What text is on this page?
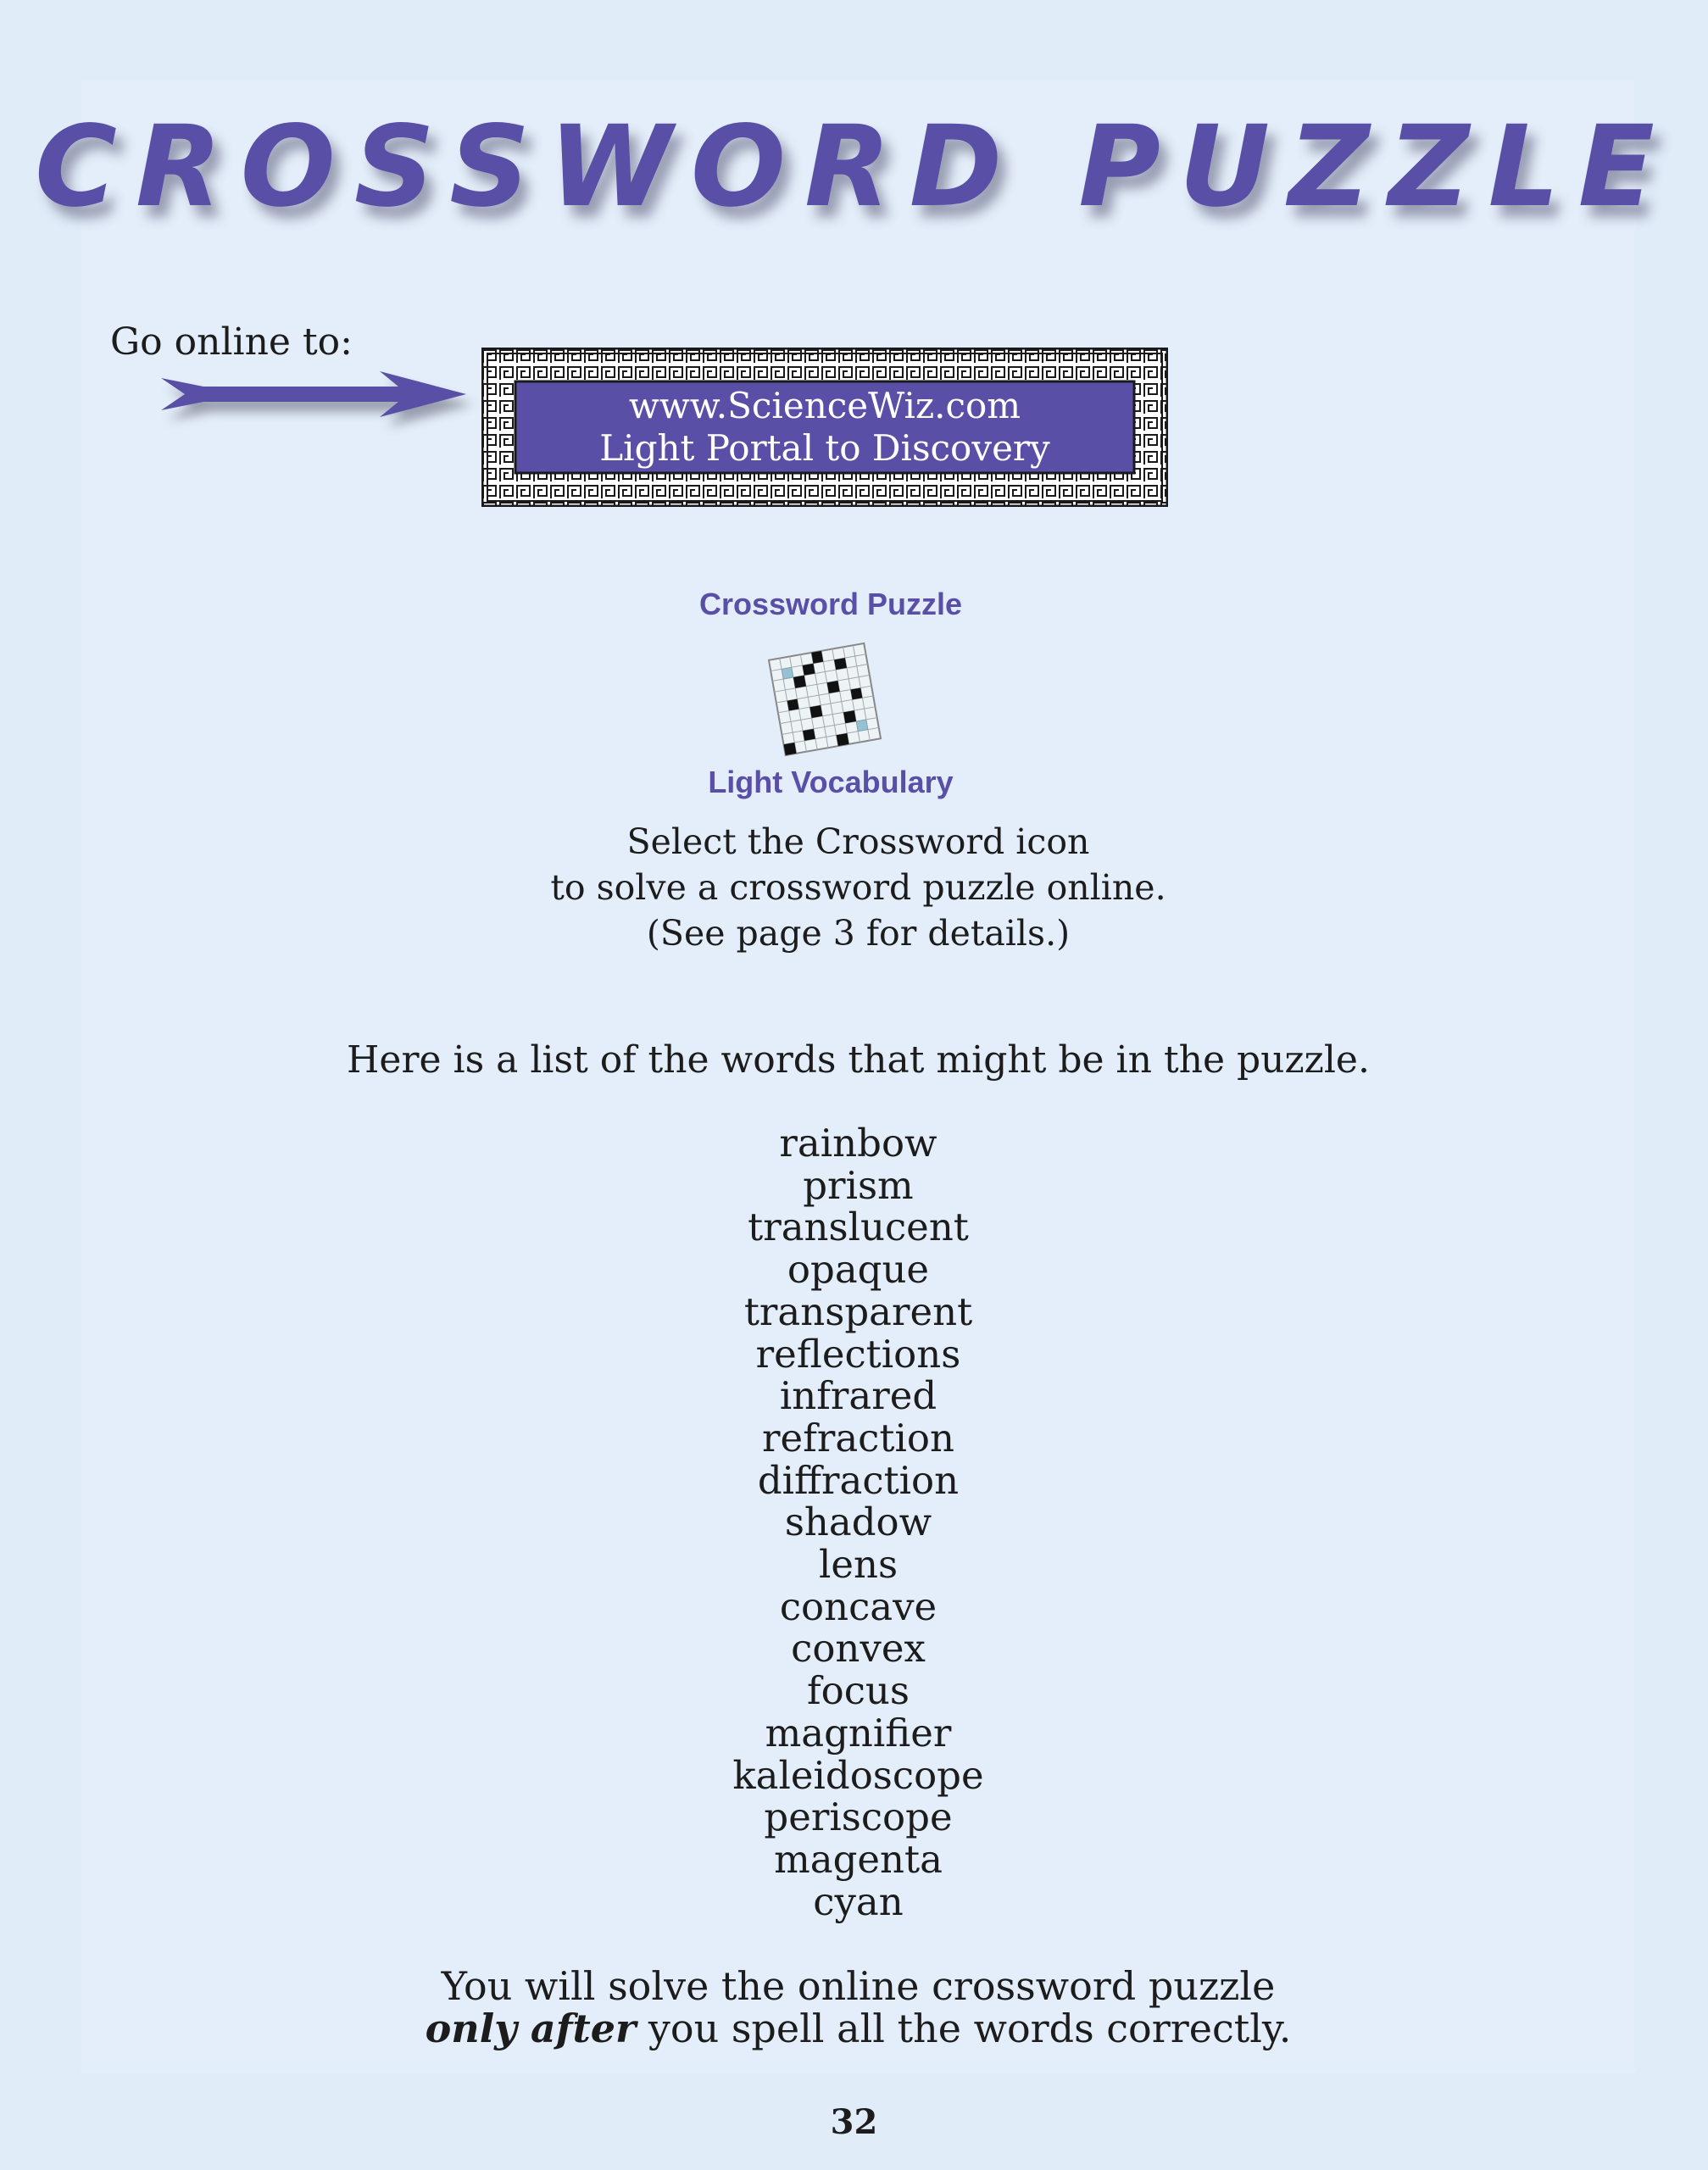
CROSSWORD PUZZLE
Go online to:
www.ScienceWiz.com
Light Portal to Discovery
Crossword Puzzle
Light Vocabulary
Select the Crossword icon
to solve a crossword puzzle online.
(See page 3 for details.)
Here is a list of the words that might be in the puzzle.
rainbow
prism
translucent
opaque
transparent
reflections
infrared
refraction
diffraction
shadow
lens
concave
convex
focus
magnifier
kaleidoscope
periscope
magenta
cyan
You will solve the online crossword puzzle
only after you spell all the words correctly.
32
